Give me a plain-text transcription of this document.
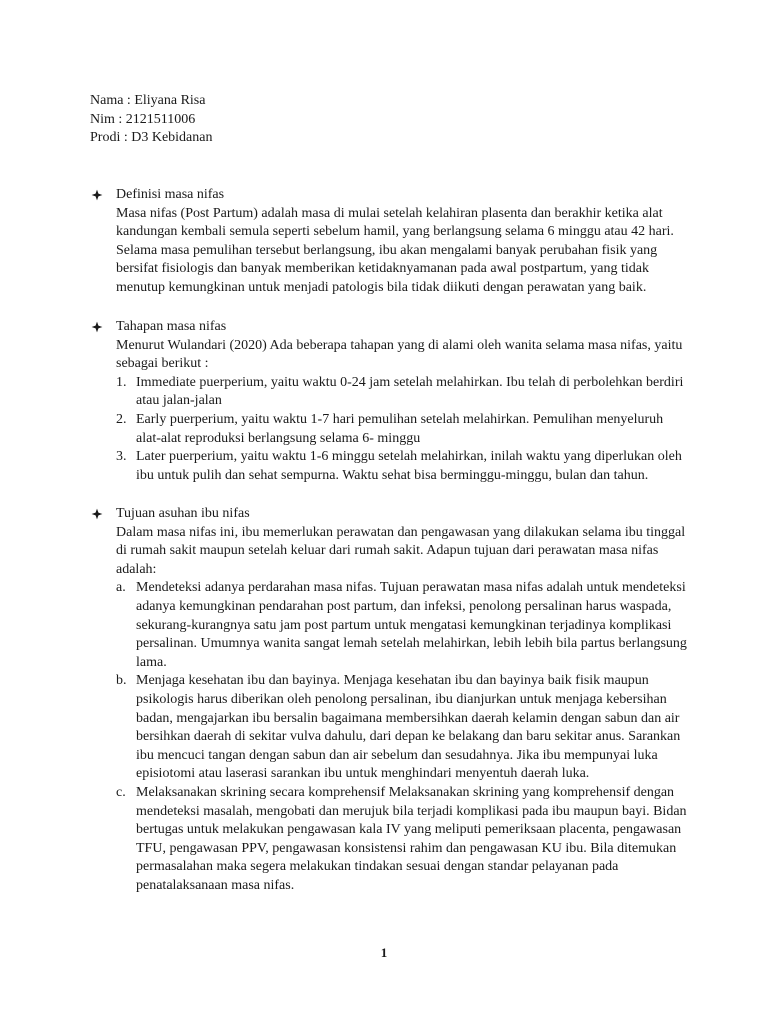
Nama : Eliyana Risa
Nim : 2121511006
Prodi : D3 Kebidanan
Definisi masa nifas

Masa nifas (Post Partum) adalah masa di mulai setelah kelahiran plasenta dan berakhir ketika alat kandungan kembali semula seperti sebelum hamil, yang berlangsung selama 6 minggu atau 42 hari. Selama masa pemulihan tersebut berlangsung, ibu akan mengalami banyak perubahan fisik yang bersifat fisiologis dan banyak memberikan ketidaknyamanan pada awal postpartum, yang tidak menutup kemungkinan untuk menjadi patologis bila tidak diikuti dengan perawatan yang baik.

Tahapan masa nifas

Menurut Wulandari (2020) Ada beberapa tahapan yang di alami oleh wanita selama masa nifas, yaitu sebagai berikut :

1. Immediate puerperium, yaitu waktu 0-24 jam setelah melahirkan. Ibu telah di perbolehkan berdiri atau jalan-jalan
2. Early puerperium, yaitu waktu 1-7 hari pemulihan setelah melahirkan. Pemulihan menyeluruh alat-alat reproduksi berlangsung selama 6- minggu
3. Later puerperium, yaitu waktu 1-6 minggu setelah melahirkan, inilah waktu yang diperlukan oleh ibu untuk pulih dan sehat sempurna. Waktu sehat bisa berminggu-minggu, bulan dan tahun.
Tujuan asuhan ibu nifas

Dalam masa nifas ini, ibu memerlukan perawatan dan pengawasan yang dilakukan selama ibu tinggal di rumah sakit maupun setelah keluar dari rumah sakit. Adapun tujuan dari perawatan masa nifas adalah:

a. Mendeteksi adanya perdarahan masa nifas. Tujuan perawatan masa nifas adalah untuk mendeteksi adanya kemungkinan pendarahan post partum, dan infeksi, penolong persalinan harus waspada, sekurang-kurangnya satu jam post partum untuk mengatasi kemungkinan terjadinya komplikasi persalinan. Umumnya wanita sangat lemah setelah melahirkan, lebih lebih bila partus berlangsung lama.
b. Menjaga kesehatan ibu dan bayinya. Menjaga kesehatan ibu dan bayinya baik fisik maupun psikologis harus diberikan oleh penolong persalinan, ibu dianjurkan untuk menjaga kebersihan badan, mengajarkan ibu bersalin bagaimana membersihkan daerah kelamin dengan sabun dan air bersihkan daerah di sekitar vulva dahulu, dari depan ke belakang dan baru sekitar anus. Sarankan ibu mencuci tangan dengan sabun dan air sebelum dan sesudahnya. Jika ibu mempunyai luka episiotomi atau laserasi sarankan ibu untuk menghindari menyentuh daerah luka.
c. Melaksanakan skrining secara komprehensif Melaksanakan skrining yang komprehensif dengan mendeteksi masalah, mengobati dan merujuk bila terjadi komplikasi pada ibu maupun bayi. Bidan bertugas untuk melakukan pengawasan kala IV yang meliputi pemeriksaan placenta, pengawasan TFU, pengawasan PPV, pengawasan konsistensi rahim dan pengawasan KU ibu. Bila ditemukan permasalahan maka segera melakukan tindakan sesuai dengan standar pelayanan pada penatalaksanaan masa nifas.
1
